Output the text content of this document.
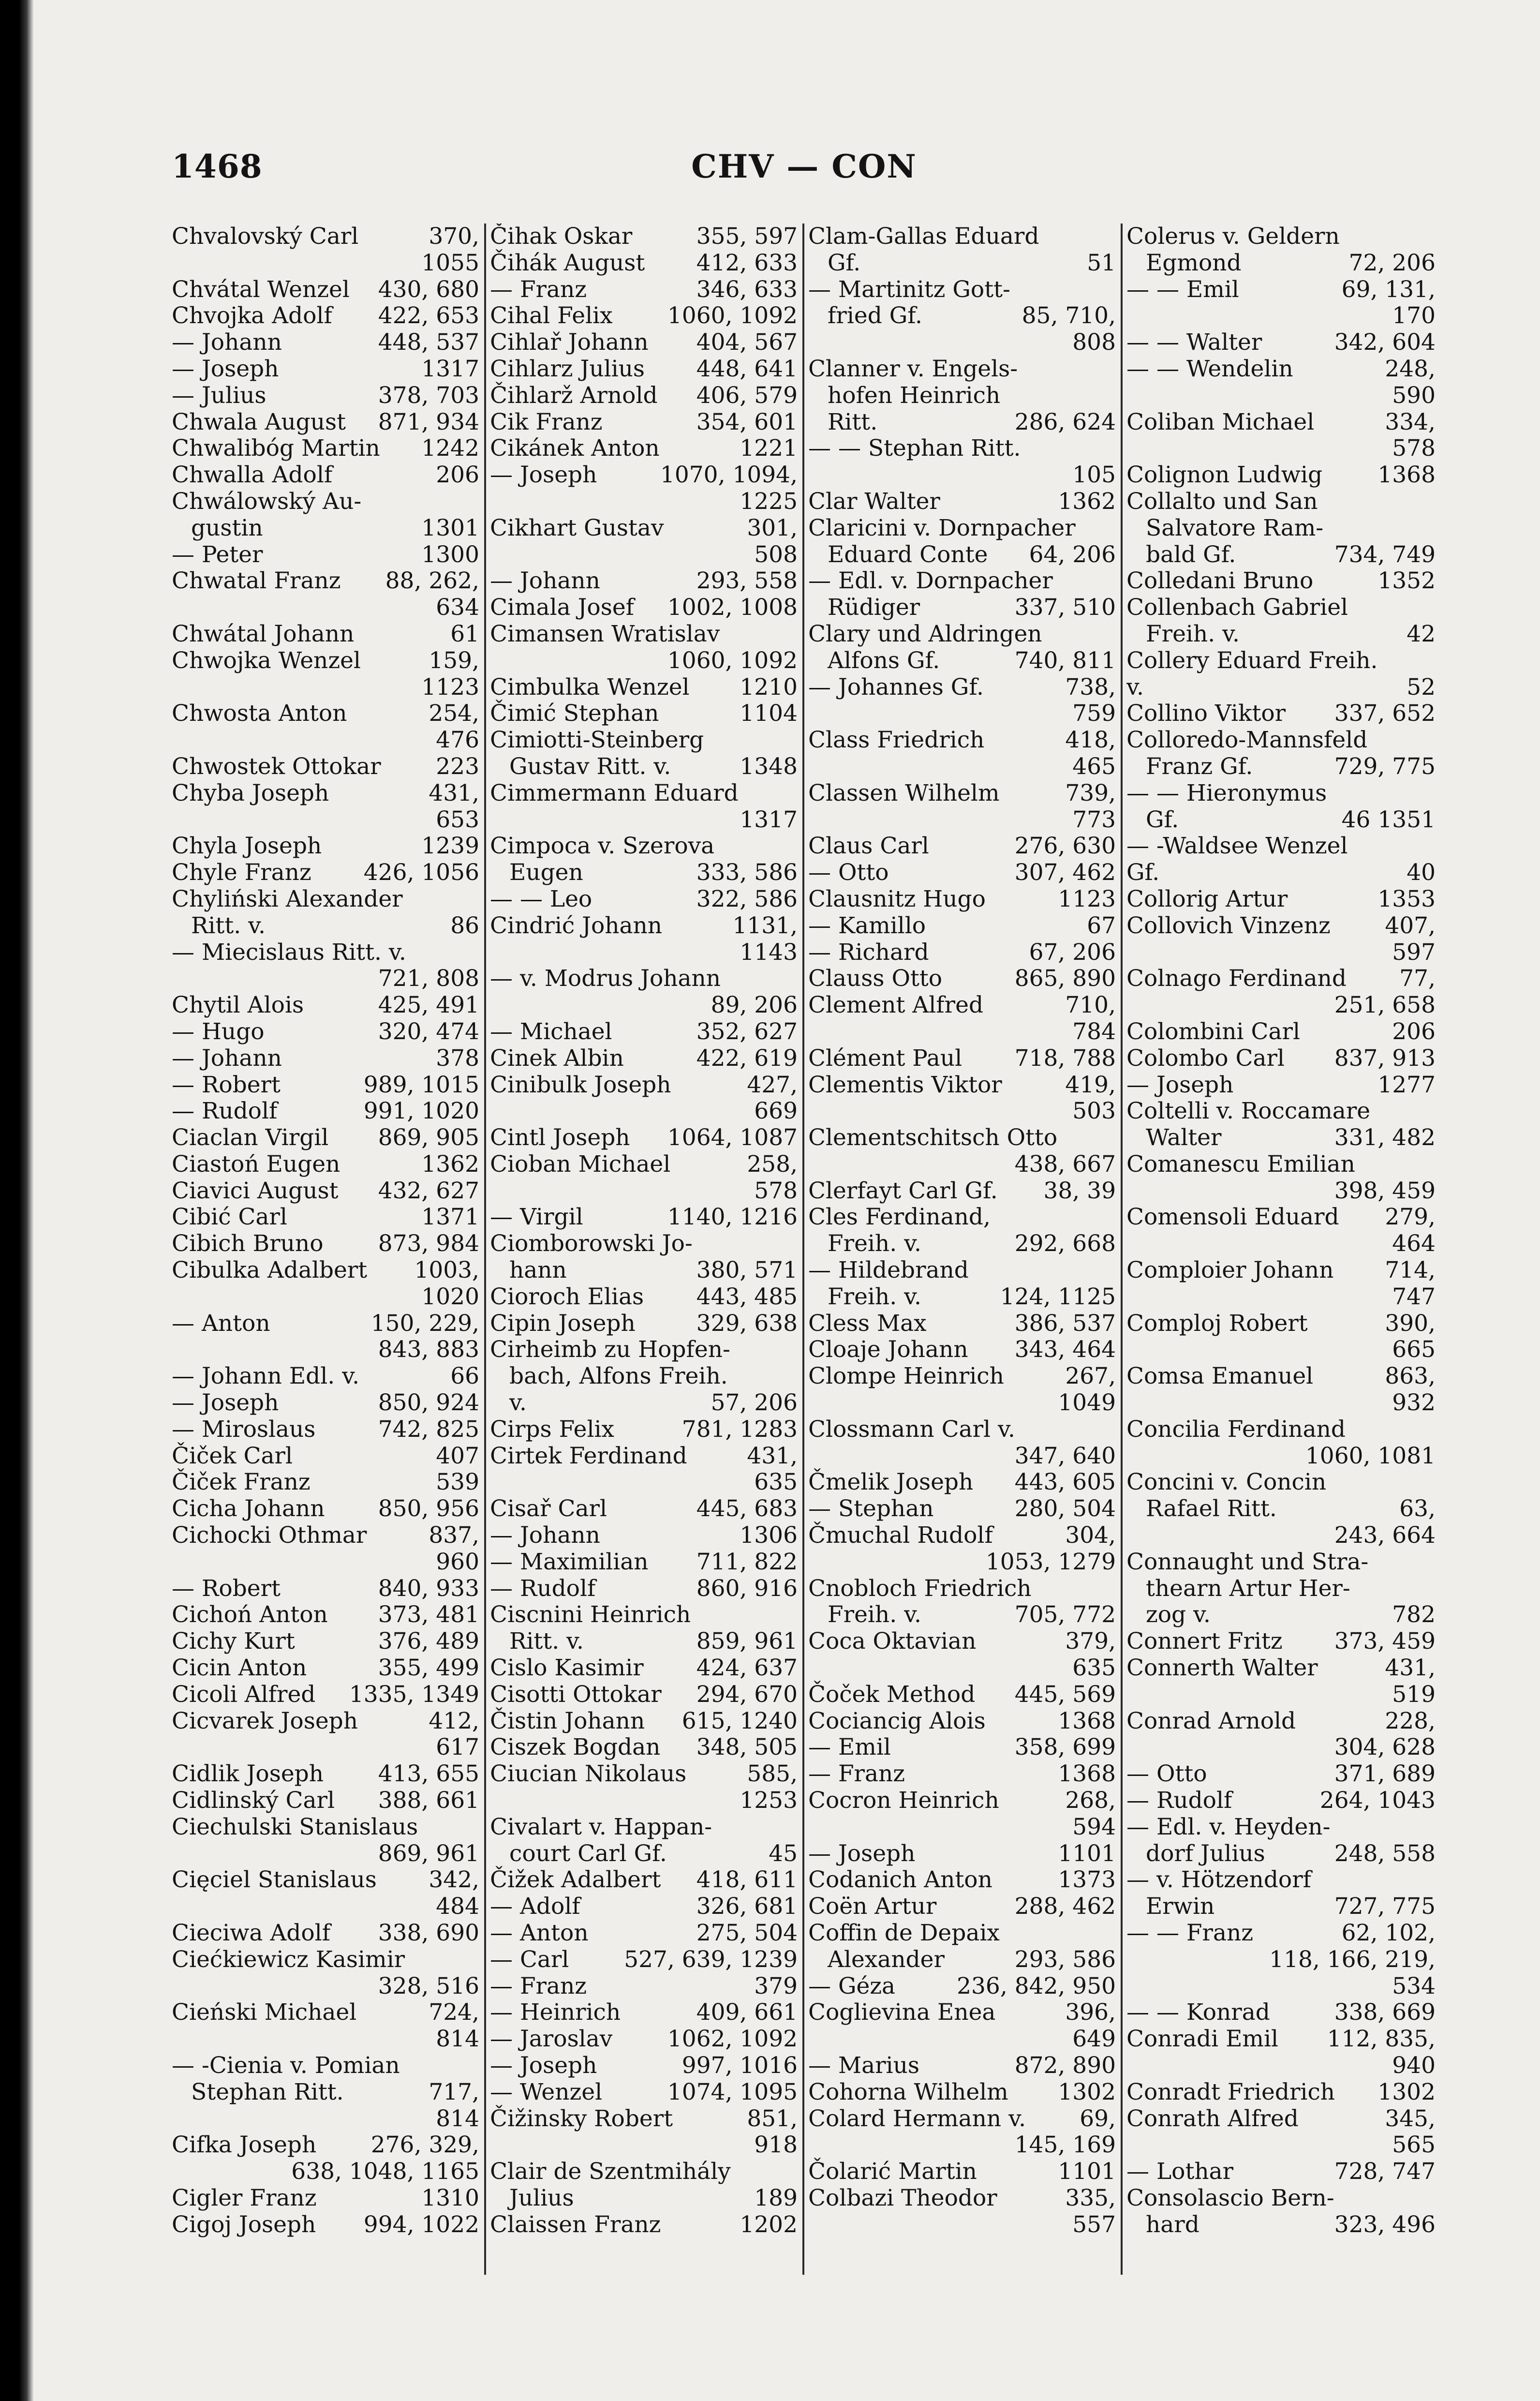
1468	CHV — CON
Chvalovský Carl	370,
1055
Chvátal Wenzel 430, 680
Chvojka Adolf 422, 653
— Johann	448, 537
— Joseph	1317
— Julius	378, 703
Chwala August 871, 934
Chwalibóg Martin 1242
Chwalla Adolf	206
Chwálowský Au-
gustin	1301
— Peter	1300
Chwatal Franz 88, 262,
634
Chwátal Johann	61
Chwojka Wenzel	159,
1123
Chwosta Anton	254,
476
Chwostek Ottokar 223
Chyba Joseph	431,
653
Chyla Joseph	1239
Chyle Franz 426, 1056
Chyliński Alexander
Ritt. v.	86
— Miecislaus Ritt. v.
721, 808
Chytil Alois	425, 491
— Hugo	320, 474
— Johann	378
— Robert	989, 1015
— Rudolf	991, 1020
Ciaclan Virgil 869, 905
Ciastoń Eugen	1362
Ciavici August 432, 627
Cibić Carl	1371
Cibich Bruno 873, 984
Cibulka Adalbert 1003,
1020
— Anton	150, 229,
843, 883
— Johann Edl. v.	66
— Joseph	850, 924
— Miroslaus	742, 825
Čiček Carl	407
Čiček Franz	539
Cicha Johann 850, 956
Cichocki Othmar	837,
960
— Robert	840, 933
Cichoń Anton 373, 481
Cichy Kurt	376, 489
Cicin Anton	355, 499
Cicoli Alfred 1335, 1349
Cicvarek Joseph	412,
617
Cidlik Joseph 413, 655
Cidlinský Carl 388, 661
Ciechulski Stanislaus
869, 961
Cięciel Stanislaus 342,
484
Cieciwa Adolf 338, 690
Ciećkiewicz Kasimir
328, 516
Cieński Michael	724,
814
— -Cienia v. Pomian
Stephan Ritt.	717,
814
Cifka Joseph 276, 329,
638, 1048, 1165
Cigler Franz	1310
Cigoj Joseph 994, 1022
Čihak Oskar	355, 597
Čihák August 412, 633
— Franz	346, 633
Cihal Felix 1060, 1092
Cihlař Johann 404, 567
Cihlarz Julius 448, 641
Čihlarž Arnold 406, 579
Cik Franz	354, 601
Cikánek Anton	1221
— Joseph	1070, 1094,
1225
Cikhart Gustav	301,
508
— Johann	293, 558
Cimala Josef 1002, 1008
Cimansen Wratislav
1060, 1092
Cimbulka Wenzel 1210
Čimić Stephan	1104
Cimiotti-Steinberg
Gustav Ritt. v.	1348
Cimmermann Eduard
1317
Cimpoca v. Szerova
Eugen	333, 586
— — Leo	322, 586
Cindrić Johann	1131,
1143
— v. Modrus Johann
89, 206
— Michael	352, 627
Cinek Albin	422, 619
Cinibulk Joseph	427,
669
Cintl Joseph 1064, 1087
Cioban Michael	258,
578
— Virgil	1140, 1216
Ciomborowski Jo-
hann	380, 571
Cioroch Elias 443, 485
Cipin Joseph	329, 638
Cirheimb zu Hopfen-
bach, Alfons Freih.
v.	57, 206
Cirps Felix	781, 1283
Cirtek Ferdinand	431,
635
Cisař Carl	445, 683
— Johann	1306
— Maximilian 711, 822
— Rudolf	860, 916
Ciscnini Heinrich
Ritt. v.	859, 961
Cislo Kasimir 424, 637
Cisotti Ottokar 294, 670
Čistin Johann 615, 1240
Ciszek Bogdan 348, 505
Ciucian Nikolaus	585,
1253
Civalart v. Happan-
court Carl Gf.	45
Čižek Adalbert 418, 611
— Adolf	326, 681
— Anton	275, 504
— Carl 527, 639, 1239
— Franz	379
— Heinrich	409, 661
— Jaroslav 1062, 1092
— Joseph	997, 1016
— Wenzel	1074, 1095
Čižinsky Robert	851,
918
Clair de Szentmihály
Julius	189
Claissen Franz	1202
Clam-Gallas Eduard
Gf.	51
— Martinitz Gott-
fried Gf.	85, 710,
808
Clanner v. Engels-
hofen Heinrich
Ritt.	286, 624
— — Stephan Ritt.
105
Clar Walter	1362
Claricini v. Dornpacher
Eduard Conte 64, 206
— Edl. v. Dornpacher
Rüdiger	337, 510
Clary und Aldringen
Alfons Gf.	740, 811
— Johannes Gf.	738,
759
Class Friedrich	418,
465
Classen Wilhelm	739,
773
Claus Carl	276, 630
— Otto	307, 462
Clausnitz Hugo	1123
— Kamillo	67
— Richard	67, 206
Clauss Otto	865, 890
Clement Alfred	710,
784
Clément Paul 718, 788
Clementis Viktor	419,
503
Clementschitsch Otto
438, 667
Clerfayt Carl Gf. 38, 39
Cles Ferdinand,
Freih. v.	292, 668
— Hildebrand
Freih. v.	124, 1125
Cless Max	386, 537
Cloaje Johann 343, 464
Clompe Heinrich	267,
1049
Clossmann Carl v.
347, 640
Čmelik Joseph 443, 605
— Stephan	280, 504
Čmuchal Rudolf	304,
1053, 1279
Cnobloch Friedrich
Freih. v.	705, 772
Coca Oktavian	379,
635
Čoček Method 445, 569
Cociancig Alois	1368
— Emil	358, 699
— Franz	1368
Cocron Heinrich	268,
594
— Joseph	1101
Codanich Anton	1373
Coën Artur	288, 462
Coffin de Depaix
Alexander	293, 586
— Géza	236, 842, 950
Coglievina Enea	396,
649
— Marius	872, 890
Cohorna Wilhelm 1302
Colard Hermann v. 69,
145, 169
Čolarić Martin	1101
Colbazi Theodor	335,
557
Colerus v. Geldern
Egmond	72, 206
— — Emil	69, 131,
170
— — Walter	342, 604
— — Wendelin	248,
590
Coliban Michael	334,
578
Colignon Ludwig 1368
Collalto und San
Salvatore Ram-
bald Gf.	734, 749
Colledani Bruno	1352
Collenbach Gabriel
Freih. v.	42
Collery Eduard Freih.
v.	52
Collino Viktor 337, 652
Colloredo-Mannsfeld
Franz Gf.	729, 775
— — Hieronymus
Gf.	46 1351
— -Waldsee Wenzel
Gf.	40
Collorig Artur	1353
Collovich Vinzenz 407,
597
Colnago Ferdinand 77,
251, 658
Colombini Carl	206
Colombo Carl 837, 913
— Joseph	1277
Coltelli v. Roccamare
Walter	331, 482
Comanescu Emilian
398, 459
Comensoli Eduard 279,
464
Comploier Johann 714,
747
Comploj Robert	390,
665
Comsa Emanuel	863,
932
Concilia Ferdinand
1060, 1081
Concini v. Concin
Rafael Ritt.	63,
243, 664
Connaught und Stra-
thearn Artur Her-
zog v.	782
Connert Fritz 373, 459
Connerth Walter	431,
519
Conrad Arnold	228,
304, 628
— Otto	371, 689
— Rudolf	264, 1043
— Edl. v. Heyden-
dorf Julius	248, 558
— v. Hötzendorf
Erwin	727, 775
— — Franz	62, 102,
118, 166, 219,
534
— — Konrad	338, 669
Conradi Emil 112, 835,
940
Conradt Friedrich 1302
Conrath Alfred	345,
565
— Lothar	728, 747
Consolascio Bern-
hard	323, 496
